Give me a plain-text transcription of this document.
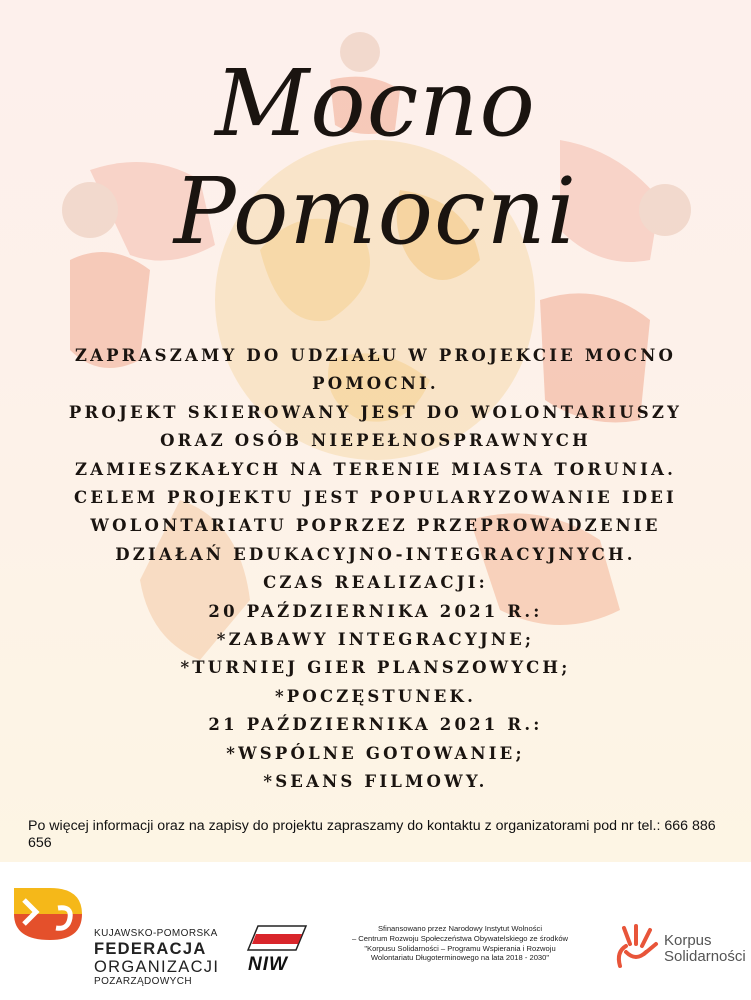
Mocno
Pomocni
ZAPRASZAMY DO UDZIAŁU W PROJEKCIE MOCNO
POMOCNI.
PROJEKT SKIEROWANY JEST DO WOLONTARIUSZY
ORAZ OSÓB NIEPEŁNOSPRAWNYCH
ZAMIESZKAŁYCH NA TERENIE MIASTA TORUNIA.
CELEM PROJEKTU JEST POPULARYZOWANIE IDEI
WOLONTARIATU POPRZEZ PRZEPROWADZENIE
DZIAŁAŃ EDUKACYJNO-INTEGRACYJNYCH.
CZAS REALIZACJI:
20 PAŹDZIERNIKA 2021 R.:
*ZABAWY INTEGRACYJNE;
*TURNIEJ GIER PLANSZOWYCH;
*POCZĘSTUNEK.
21 PAŹDZIERNIKA 2021 R.:
*WSPÓLNE GOTOWANIE;
*SEANS FILMOWY.
Po więcej informacji oraz na zapisy do projektu zapraszamy do kontaktu z organizatorami pod nr tel.: 666 886 656
KUJAWSKO-POMORSKA
FEDERACJA
ORGANIZACJI
POZARZĄDOWYCH
NIW
Sfinansowano przez Narodowy Instytut Wolności
– Centrum Rozwoju Społeczeństwa Obywatelskiego ze środków
"Korpusu Solidarności – Programu Wspierania i Rozwoju
Wolontariatu Długoterminowego na lata 2018 - 2030"
Korpus
Solidarności
